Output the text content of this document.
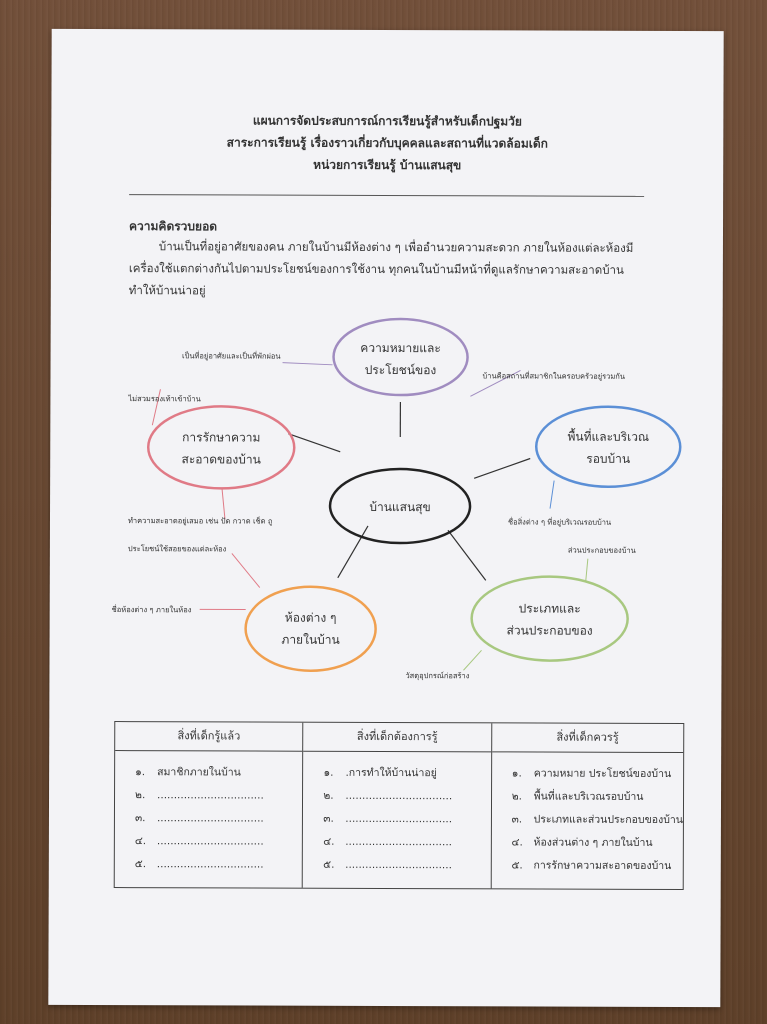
แผนการจัดประสบการณ์การเรียนรู้สำหรับเด็กปฐมวัย
สาระการเรียนรู้ เรื่องราวเกี่ยวกับบุคคลและสถานที่แวดล้อมเด็ก
หน่วยการเรียนรู้ บ้านแสนสุข
ความคิดรวบยอด
บ้านเป็นที่อยู่อาศัยของคน ภายในบ้านมีห้องต่าง ๆ เพื่ออำนวยความสะดวก ภายในห้องแต่ละห้องมีเครื่องใช้แตกต่างกันไปตามประโยชน์ของการใช้งาน ทุกคนในบ้านมีหน้าที่ดูแลรักษาความสะอาดบ้านทำให้บ้านน่าอยู่
บ้านแสนสุข
ความหมายและ
ประโยชน์ของ
พื้นที่และบริเวณ
รอบบ้าน
การรักษาความ
สะอาดของบ้าน
ห้องต่าง ๆ
ภายในบ้าน
ประเภทและ
ส่วนประกอบของ
เป็นที่อยู่อาศัยและเป็นที่พักผ่อน
บ้านคือสถานที่สมาชิกในครอบครัวอยู่รวมกัน
ไม่สวมรองเท้าเข้าบ้าน
ทำความสะอาดอยู่เสมอ เช่น ปัด กวาด เช็ด ถู	ชื่อสิ่งต่าง ๆ ที่อยู่บริเวณรอบบ้าน
ประโยชน์ใช้สอยของแต่ละห้อง
ชื่อห้องต่าง ๆ ภายในห้อง
ส่วนประกอบของบ้าน
วัสดุอุปกรณ์ก่อสร้าง
สิ่งที่เด็กรู้แล้ว
๑. สมาชิกภายในบ้าน
๒. ................................
๓. ................................
๔. ................................
๕. ................................
สิ่งที่เด็กต้องการรู้
๑. .การทำให้บ้านน่าอยู่
๒. ................................
๓. ................................
๔. ................................
๕. ................................
สิ่งที่เด็กควรรู้
๑. ความหมาย ประโยชน์ของบ้าน
๒. พื้นที่และบริเวณรอบบ้าน
๓. ประเภทและส่วนประกอบของบ้าน
๔. ห้องส่วนต่าง ๆ ภายในบ้าน
๕. การรักษาความสะอาดของบ้าน
